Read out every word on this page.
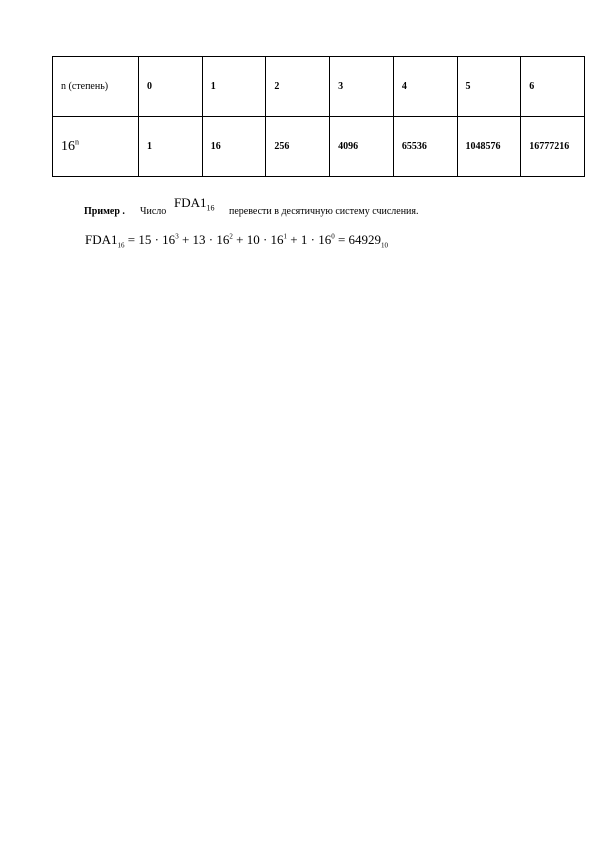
n (степень)	0	1	2	3	4	5	6
16$^n$	1	16	256	4096	65536	1048576	16777216
Пример . Число
$FDA1_{16}$ перевести в десятичную систему счисления.
$FDA1_{16} = 15 \cdot 16^3 + 13 \cdot 16^2 + 10 \cdot 16^1 + 1 \cdot 16^0 = 64929_{10}$
